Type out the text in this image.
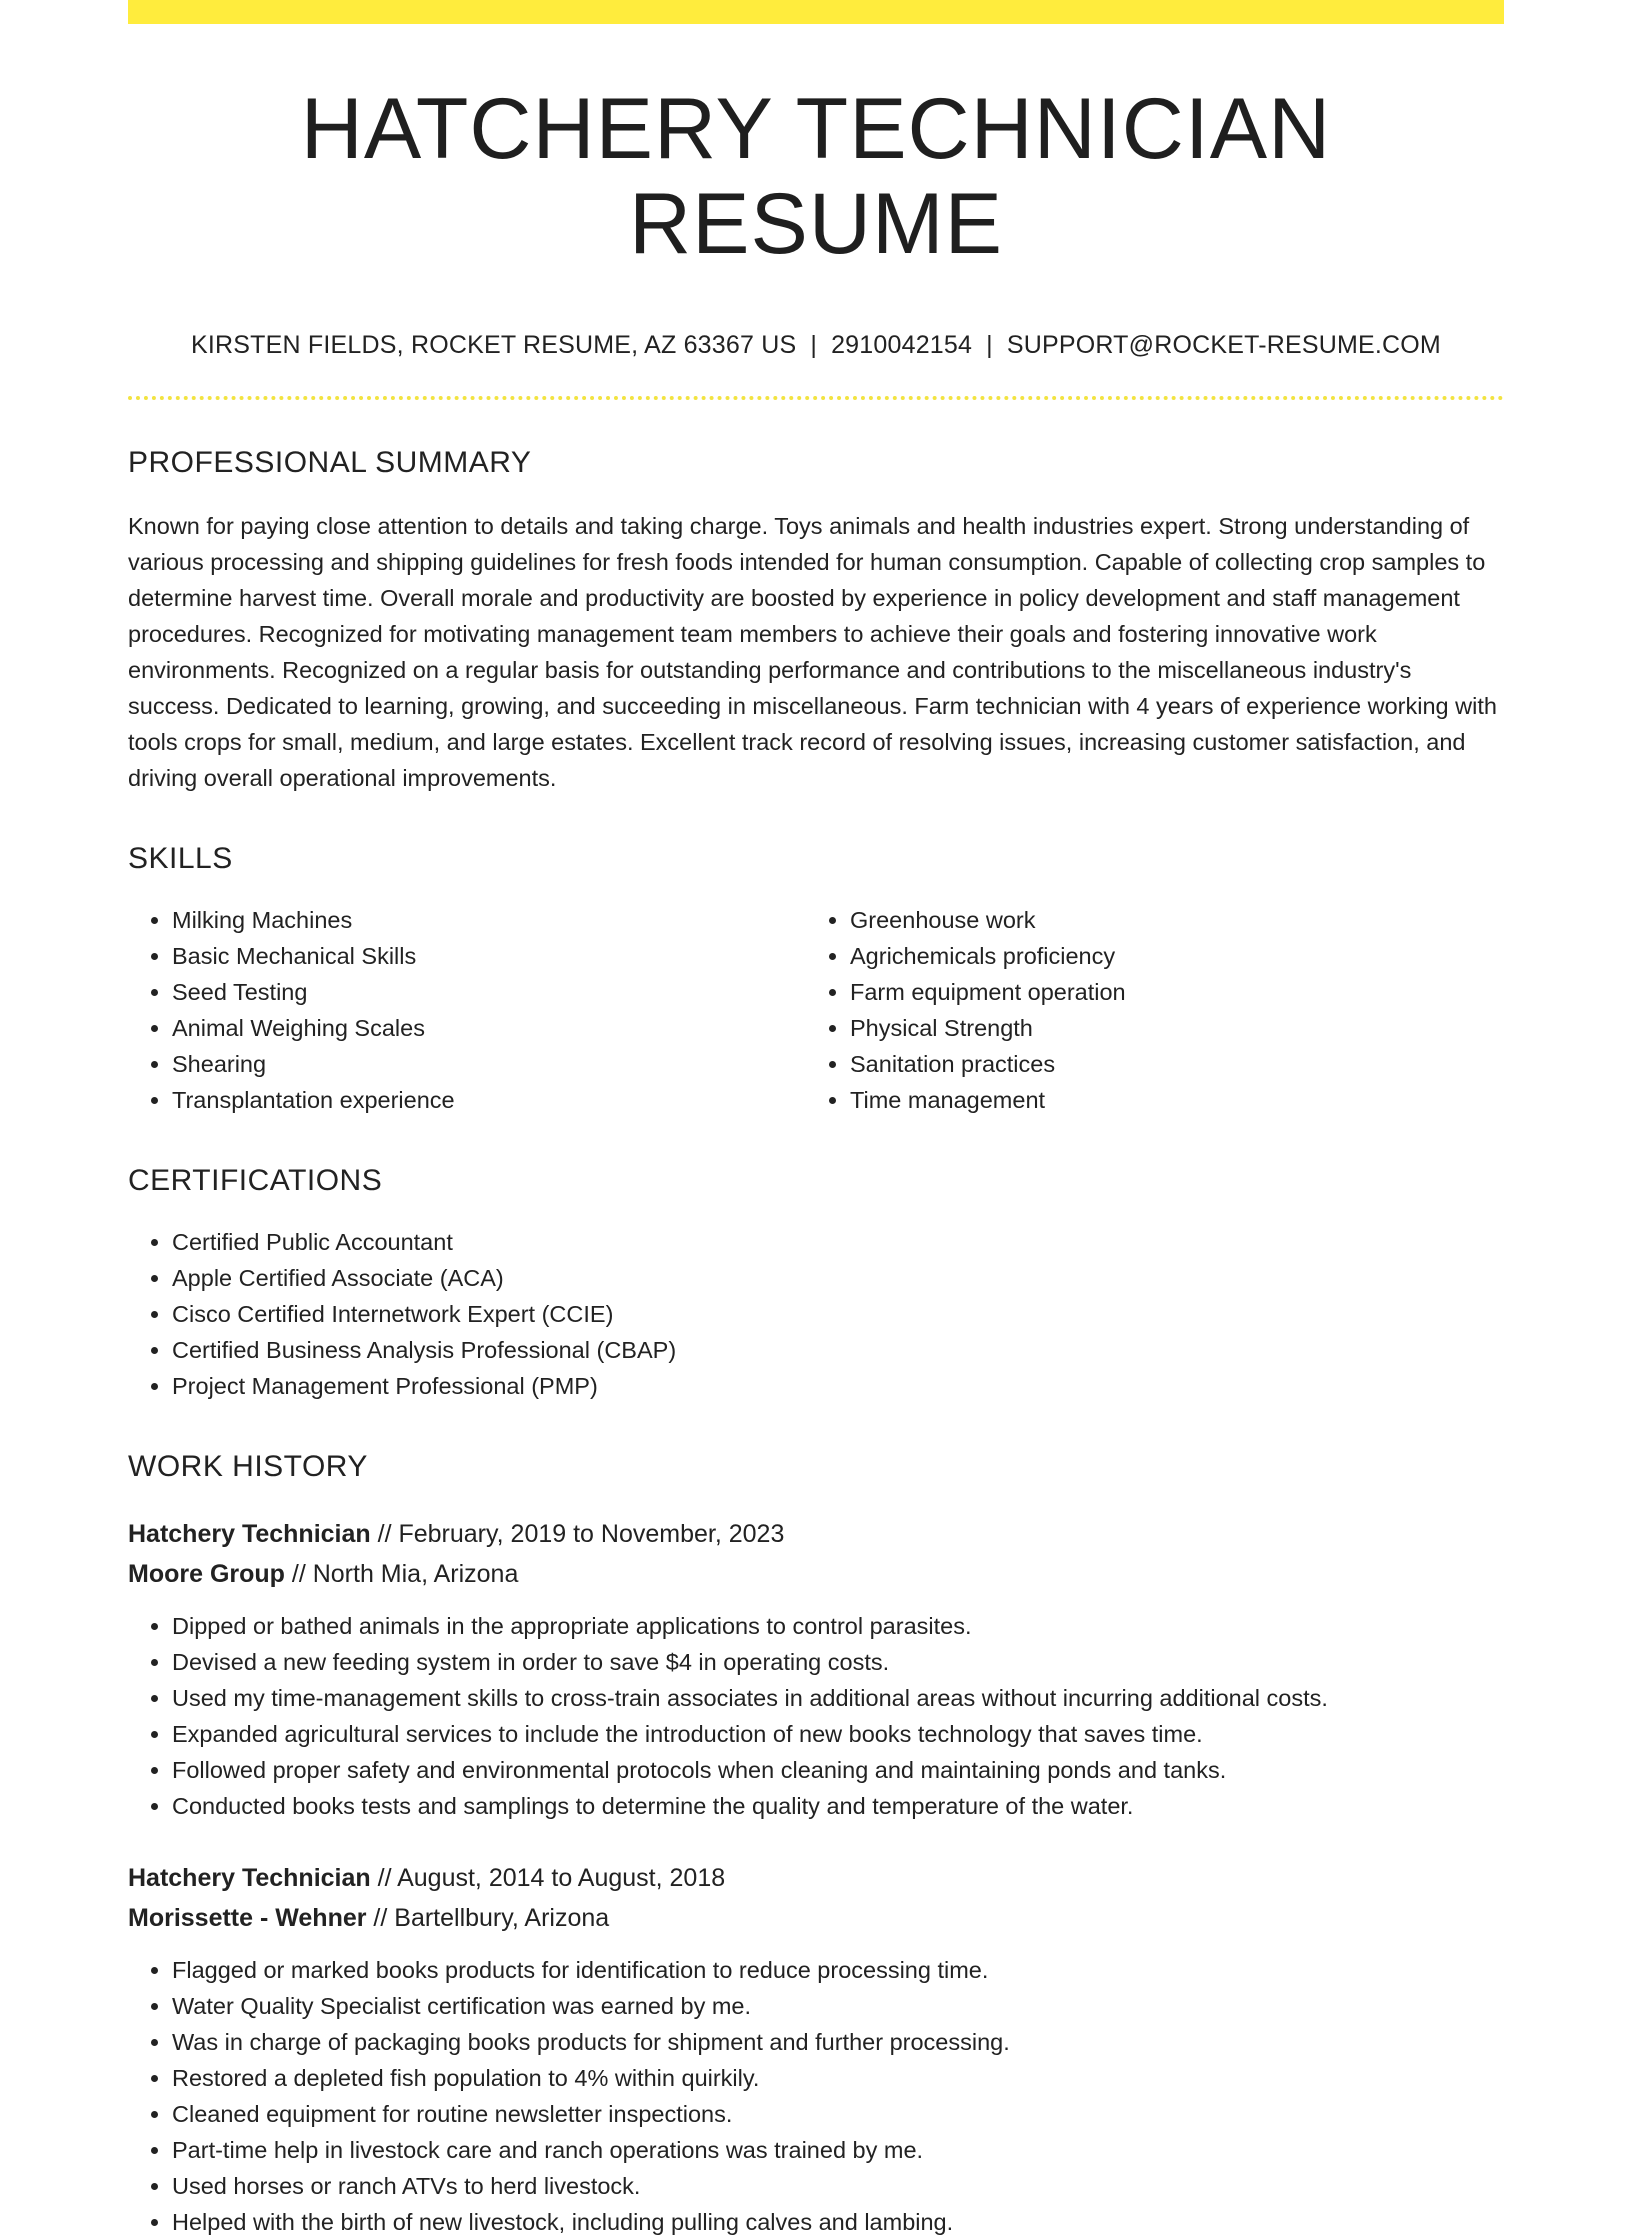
HATCHERY TECHNICIAN RESUME
KIRSTEN FIELDS, ROCKET RESUME, AZ 63367 US | 2910042154 | SUPPORT@ROCKET-RESUME.COM
PROFESSIONAL SUMMARY
Known for paying close attention to details and taking charge. Toys animals and health industries expert. Strong understanding of various processing and shipping guidelines for fresh foods intended for human consumption. Capable of collecting crop samples to determine harvest time. Overall morale and productivity are boosted by experience in policy development and staff management procedures. Recognized for motivating management team members to achieve their goals and fostering innovative work environments. Recognized on a regular basis for outstanding performance and contributions to the miscellaneous industry's success. Dedicated to learning, growing, and succeeding in miscellaneous. Farm technician with 4 years of experience working with tools crops for small, medium, and large estates. Excellent track record of resolving issues, increasing customer satisfaction, and driving overall operational improvements.
SKILLS
• Milking Machines
• Basic Mechanical Skills
• Seed Testing
• Animal Weighing Scales
• Shearing
• Transplantation experience
• Greenhouse work
• Agrichemicals proficiency
• Farm equipment operation
• Physical Strength
• Sanitation practices
• Time management
CERTIFICATIONS
• Certified Public Accountant
• Apple Certified Associate (ACA)
• Cisco Certified Internetwork Expert (CCIE)
• Certified Business Analysis Professional (CBAP)
• Project Management Professional (PMP)
WORK HISTORY
Hatchery Technician // February, 2019 to November, 2023
Moore Group // North Mia, Arizona
• Dipped or bathed animals in the appropriate applications to control parasites.
• Devised a new feeding system in order to save $4 in operating costs.
• Used my time-management skills to cross-train associates in additional areas without incurring additional costs.
• Expanded agricultural services to include the introduction of new books technology that saves time.
• Followed proper safety and environmental protocols when cleaning and maintaining ponds and tanks.
• Conducted books tests and samplings to determine the quality and temperature of the water.
Hatchery Technician // August, 2014 to August, 2018
Morissette - Wehner // Bartellbury, Arizona
• Flagged or marked books products for identification to reduce processing time.
• Water Quality Specialist certification was earned by me.
• Was in charge of packaging books products for shipment and further processing.
• Restored a depleted fish population to 4% within quirkily.
• Cleaned equipment for routine newsletter inspections.
• Part-time help in livestock care and ranch operations was trained by me.
• Used horses or ranch ATVs to herd livestock.
• Helped with the birth of new livestock, including pulling calves and lambing.
